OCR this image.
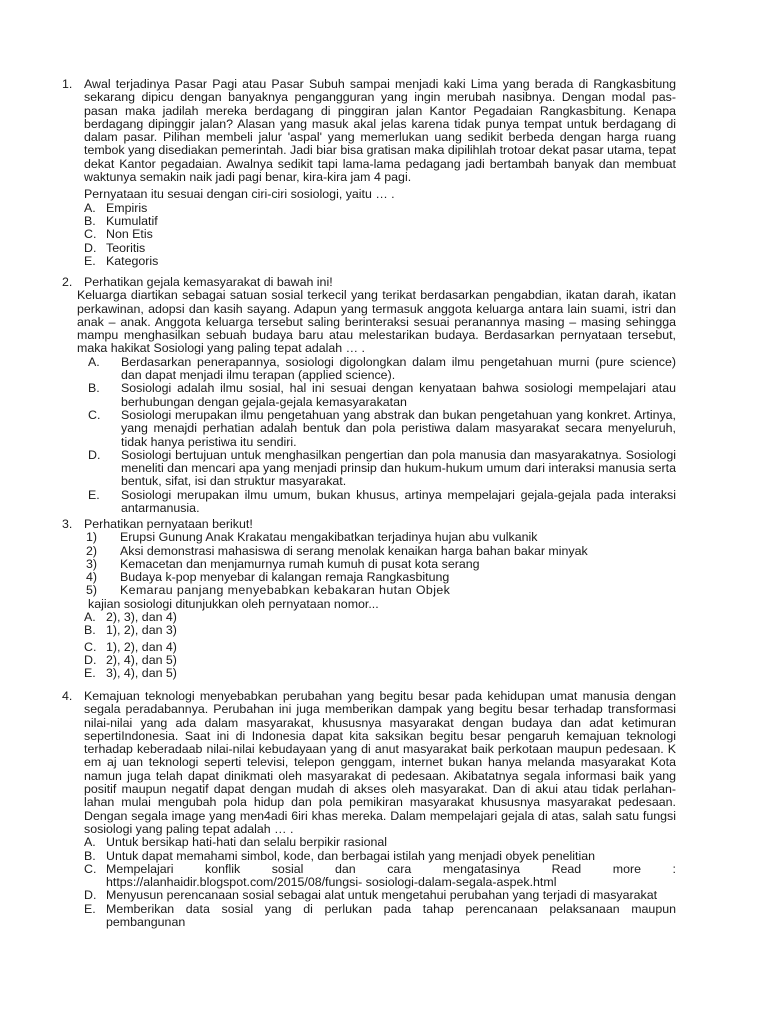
1. Awal terjadinya Pasar Pagi atau Pasar Subuh sampai menjadi kaki Lima yang berada di Rangkasbitung sekarang dipicu dengan banyaknya pengangguran yang ingin merubah nasibnya. Dengan modal pas-pasan maka jadilah mereka berdagang di pinggiran jalan Kantor Pegadaian Rangkasbitung. Kenapa berdagang dipinggir jalan? Alasan yang masuk akal jelas karena tidak punya tempat untuk berdagang di dalam pasar. Pilihan membeli jalur 'aspal' yang memerlukan uang sedikit berbeda dengan harga ruang tembok yang disediakan pemerintah. Jadi biar bisa gratisan maka dipilihlah trotoar dekat pasar utama, tepat dekat Kantor pegadaian. Awalnya sedikit tapi lama-lama pedagang jadi bertambah banyak dan membuat waktunya semakin naik jadi pagi benar, kira-kira jam 4 pagi.

Pernyataan itu sesuai dengan ciri-ciri sosiologi, yaitu … .

A. Empiris
B. Kumulatif
C. Non Etis
D. Teoritis
E. Kategoris
2. Perhatikan gejala kemasyarakat di bawah ini!

Keluarga diartikan sebagai satuan sosial terkecil yang terikat berdasarkan pengabdian, ikatan darah, ikatan perkawinan, adopsi dan kasih sayang. Adapun yang termasuk anggota keluarga antara lain suami, istri dan anak – anak. Anggota keluarga tersebut saling berinteraksi sesuai peranannya masing – masing sehingga mampu menghasilkan sebuah budaya baru atau melestarikan budaya. Berdasarkan pernyataan tersebut, maka hakikat Sosiologi yang paling tepat adalah … .

A. Berdasarkan penerapannya, sosiologi digolongkan dalam ilmu pengetahuan murni (pure science) dan dapat menjadi ilmu terapan (applied science).
B. Sosiologi adalah ilmu sosial, hal ini sesuai dengan kenyataan bahwa sosiologi mempelajari atau berhubungan dengan gejala-gejala kemasyarakatan
C. Sosiologi merupakan ilmu pengetahuan yang abstrak dan bukan pengetahuan yang konkret. Artinya, yang menajdi perhatian adalah bentuk dan pola peristiwa dalam masyarakat secara menyeluruh, tidak hanya peristiwa itu sendiri.
D. Sosiologi bertujuan untuk menghasilkan pengertian dan pola manusia dan masyarakatnya. Sosiologi meneliti dan mencari apa yang menjadi prinsip dan hukum-hukum umum dari interaksi manusia serta bentuk, sifat, isi dan struktur masyarakat.
E. Sosiologi merupakan ilmu umum, bukan khusus, artinya mempelajari gejala-gejala pada interaksi antarmanusia.
3. Perhatikan pernyataan berikut!

1) Erupsi Gunung Anak Krakatau mengakibatkan terjadinya hujan abu vulkanik
2) Aksi demonstrasi mahasiswa di serang menolak kenaikan harga bahan bakar minyak
3) Kemacetan dan menjamurnya rumah kumuh di pusat kota serang
4) Budaya k-pop menyebar di kalangan remaja Rangkasbitung
5) Kemarau panjang menyebabkan kebakaran hutan Objek

kajian sosiologi ditunjukkan oleh pernyataan nomor...

A. 2), 3), dan 4)
B. 1), 2), dan 3)
C. 1), 2), dan 4)
D. 2), 4), dan 5)
E. 3), 4), dan 5)
4. Kemajuan teknologi menyebabkan perubahan yang begitu besar pada kehidupan umat manusia dengan segala peradabannya. Perubahan ini juga memberikan dampak yang begitu besar terhadap transformasi nilai-nilai yang ada dalam masyarakat, khususnya masyarakat dengan budaya dan adat ketimuran sepertiIndonesia. Saat ini di Indonesia dapat kita saksikan begitu besar pengaruh kemajuan teknologi terhadap keberadaab nilai-nilai kebudayaan yang di anut masyarakat baik perkotaan maupun pedesaan. K em aj uan teknologi seperti televisi, telepon genggam, internet bukan hanya melanda masyarakat Kota namun juga telah dapat dinikmati oleh masyarakat di pedesaan. Akibatatnya segala informasi baik yang positif maupun negatif dapat dengan mudah di akses oleh masyarakat. Dan di akui atau tidak perlahan-lahan mulai mengubah pola hidup dan pola pemikiran masyarakat khususnya masyarakat pedesaan. Dengan segala image yang men4adi 6iri khas mereka. Dalam mempelajari gejala di atas, salah satu fungsi sosiologi yang paling tepat adalah … .

A. Untuk bersikap hati-hati dan selalu berpikir rasional
B. Untuk dapat memahami simbol, kode, dan berbagai istilah yang menjadi obyek penelitian
C. Mempelajari konflik sosial dan cara mengatasinya Read more : https://alanhaidir.blogspot.com/2015/08/fungsi- sosiologi-dalam-segala-aspek.html
D. Menyusun perencanaan sosial sebagai alat untuk mengetahui perubahan yang terjadi di masyarakat
E. Memberikan data sosial yang di perlukan pada tahap perencanaan pelaksanaan maupun pembangunan
